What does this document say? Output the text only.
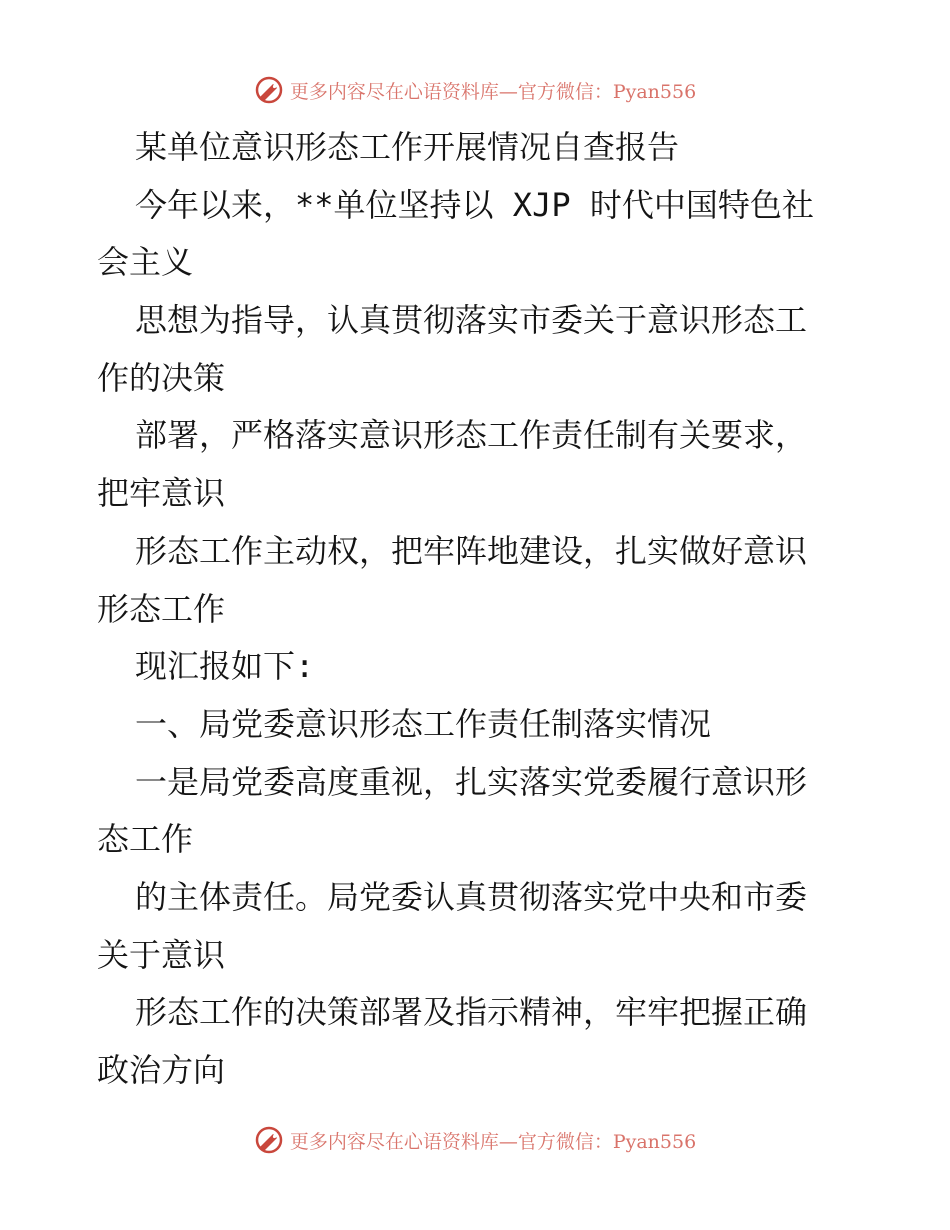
更多内容尽在心语资料库—官方微信：Pyan556
某单位意识形态工作开展情况自查报告
今年以来，**单位坚持以 XJP 时代中国特色社
会主义
思想为指导，认真贯彻落实市委关于意识形态工
作的决策
部署，严格落实意识形态工作责任制有关要求，
把牢意识
形态工作主动权，把牢阵地建设，扎实做好意识
形态工作
现汇报如下:
一、局党委意识形态工作责任制落实情况
一是局党委高度重视，扎实落实党委履行意识形
态工作
的主体责任。局党委认真贯彻落实党中央和市委
关于意识
形态工作的决策部署及指示精神，牢牢把握正确
政治方向
更多内容尽在心语资料库—官方微信：Pyan556
